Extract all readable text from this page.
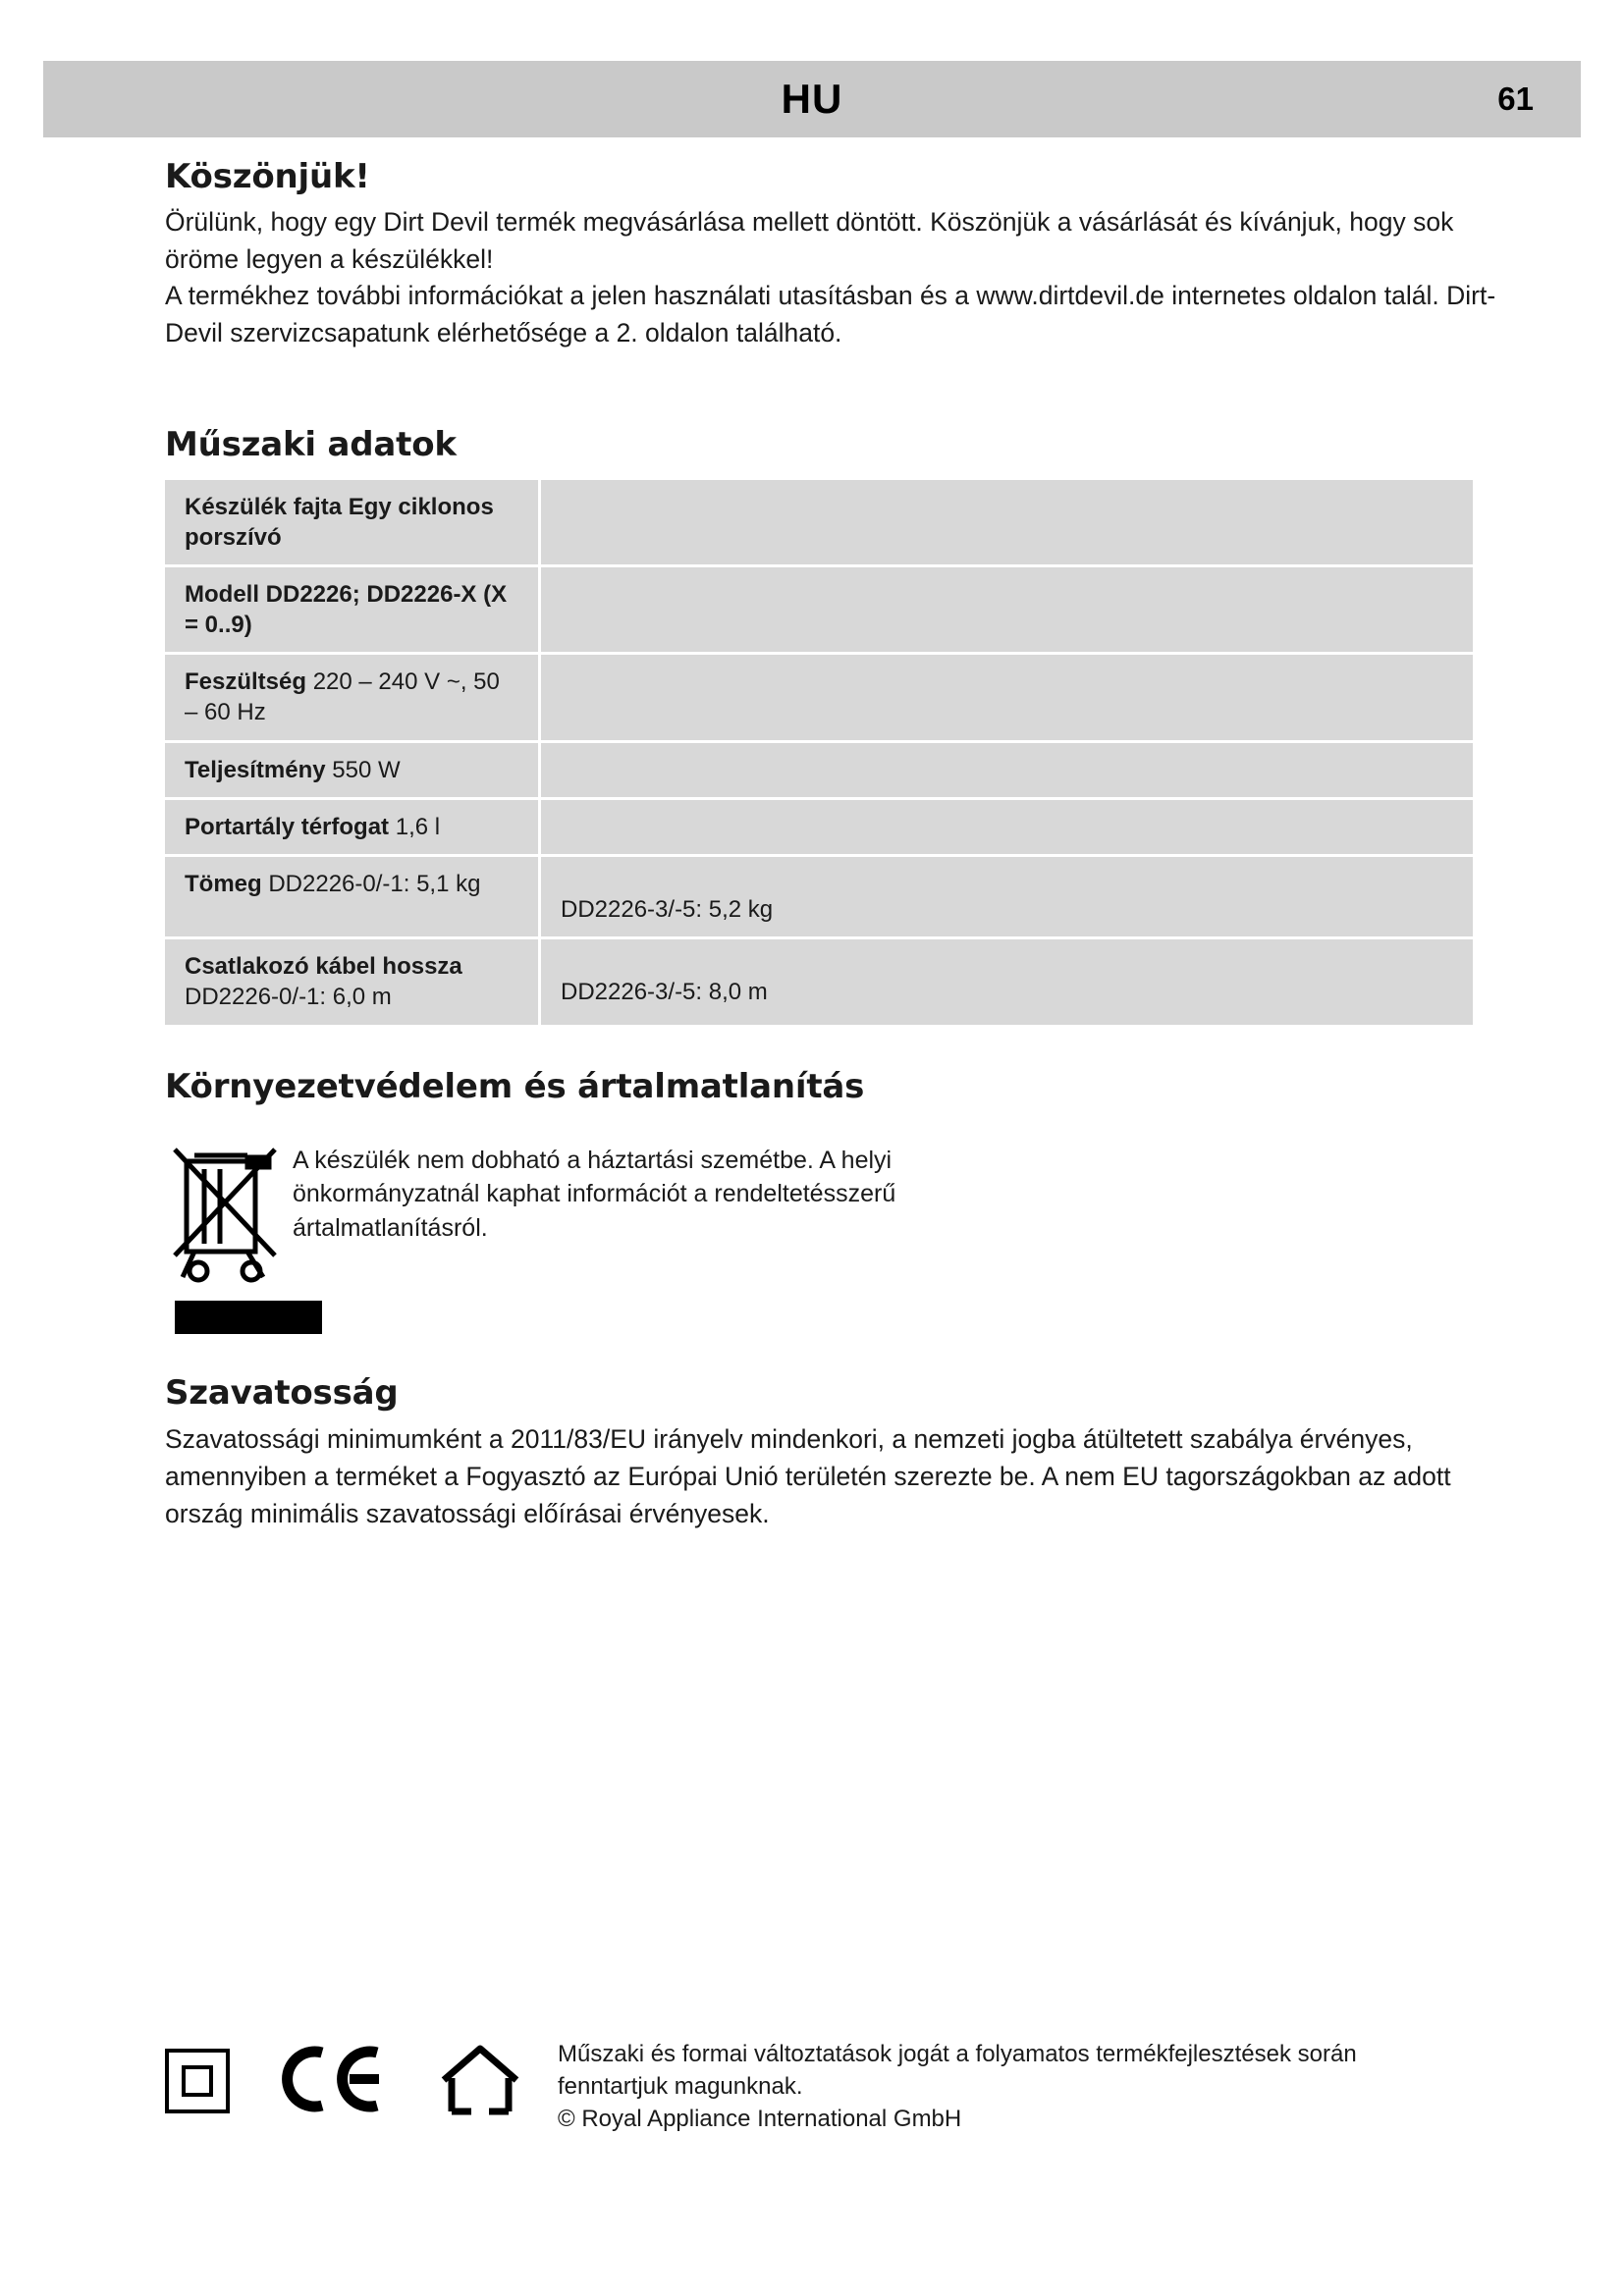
HU	61
Köszönjük!

Örülünk, hogy egy Dirt Devil termék megvásárlása mellett döntött. Köszönjük a vásárlását és kívánjuk, hogy sok öröme legyen a készülékkel!

A termékhez további információkat a jelen használati utasításban és a www.dirtdevil.de internetes oldalon talál. Dirt-Devil szervizcsapatunk elérhetősége a 2. oldalon található.

Műszaki adatok
Készülék fajta Egy ciklonos porszívó	
Modell DD2226; DD2226-X (X = 0..9)	
Feszültség 220 – 240 V ~, 50 – 60 Hz	
Teljesítmény 550 W	
Portartály térfogat 1,6 l	
Tömeg DD2226-0/-1: 5,1 kg	DD2226-3/-5: 5,2 kg

Csatlakozó kábel hossza DD2226-0/-1: 6,0 m	DD2226-3/-5: 8,0 m
Környezetvédelem és ártalmatlanítás
A készülék nem dobható a háztartási szemétbe. A helyi önkormányzatnál kaphat információt a rendeltetésszerű ártalmatlanításról.
Szavatosság

Szavatossági minimumként a 2011/83/EU irányelv mindenkori, a nemzeti jogba átültetett szabálya érvényes, amennyiben a terméket a Fogyasztó az Európai Unió területén szerezte be. A nem EU tagországokban az adott ország minimális szavatossági előírásai érvényesek.

Műszaki és formai változtatások jogát a folyamatos termékfejlesztések során
fenntartjuk magunknak.
© Royal Appliance International GmbH
